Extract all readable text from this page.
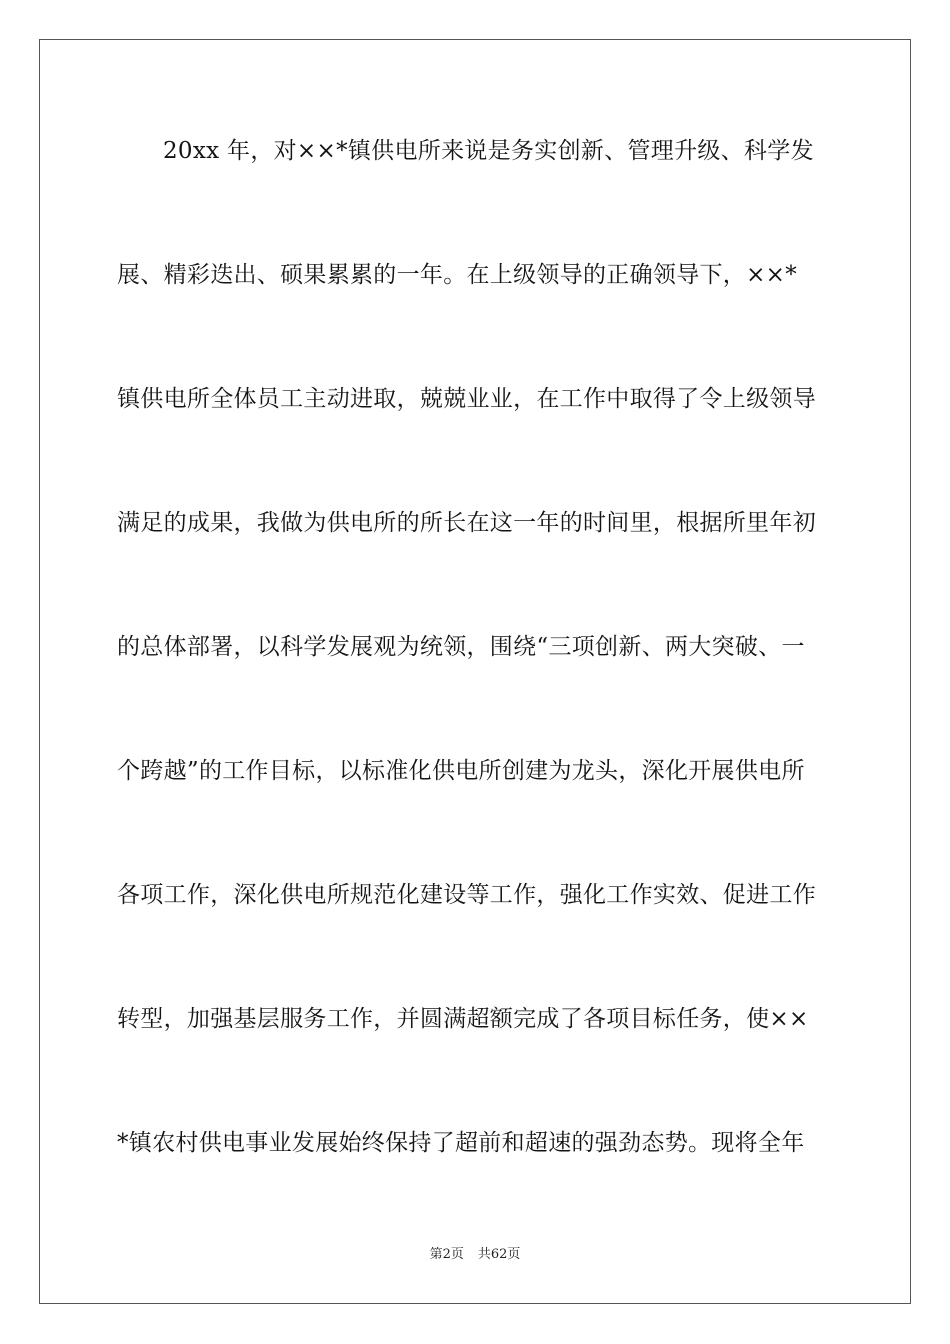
20xx 年，对××*镇供电所来说是务实创新、管理升级、科学发
展、精彩迭出、硕果累累的一年。在上级领导的正确领导下，××*
镇供电所全体员工主动进取，兢兢业业，在工作中取得了令上级领导
满足的成果，我做为供电所的所长在这一年的时间里，根据所里年初
的总体部署，以科学发展观为统领，围绕“三项创新、两大突破、一
个跨越”的工作目标，以标准化供电所创建为龙头，深化开展供电所
各项工作，深化供电所规范化建设等工作，强化工作实效、促进工作
转型，加强基层服务工作，并圆满超额完成了各项目标任务，使××
*镇农村供电事业发展始终保持了超前和超速的强劲态势。现将全年
第2页 共62页
